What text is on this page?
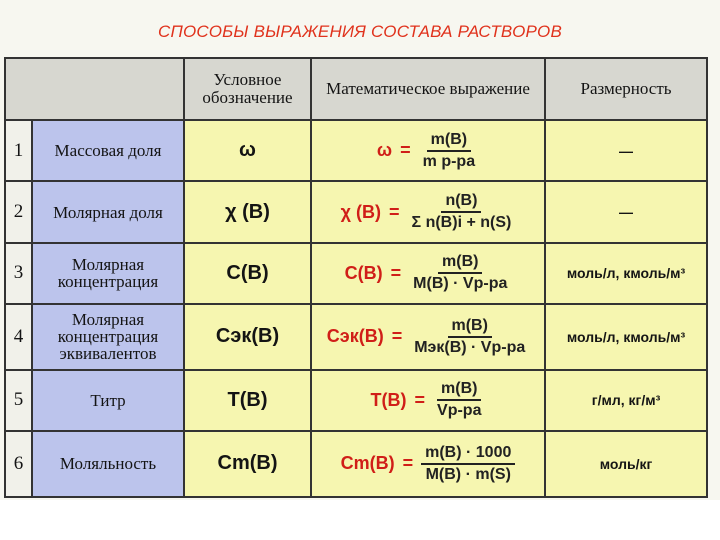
СПОСОБЫ ВЫРАЖЕНИЯ СОСТАВА РАСТВОРОВ
		Условное обозначение	Математическое выражение	Размерность
1	Массовая доля	ω	$\omega = \frac{m(B)}{\text{m р-ра}}$	—
2	Молярная доля	χ (B)	χ $(B) = \frac{n(B)}{\text{Σ n(B)i + n(S)}}$	—
3	Молярная концентрация	C(B)	$C(B) = \frac{m(B)}{M(B) \cdot Vр-ра}$	моль/л, кмоль/м³
4	Молярная концентрация эквивалентов	Cэк(B)	$Cэк(B) = \frac{m(B)}{\text{Mэк(B) · Vр-ра}}$	моль/л, кмоль/м³
5	Титр	T(B)	$T(B) = \frac{m(B)}{Vр-ра}$	г/мл, кг/м³
6	Моляльность	Cm(B)	$Cm(B) = \frac{m(B) \cdot 1000}{M(B) \cdot m(S)}$	моль/кг
